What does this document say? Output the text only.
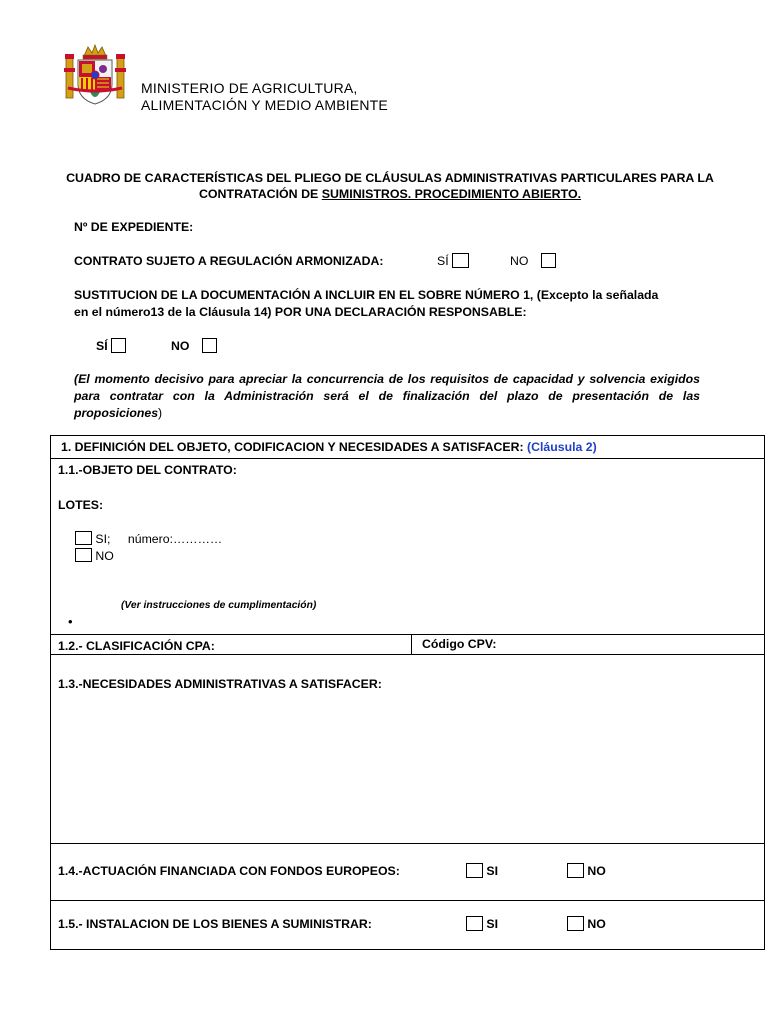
MINISTERIO DE AGRICULTURA,
ALIMENTACIÓN Y MEDIO AMBIENTE
CUADRO DE CARACTERÍSTICAS DEL PLIEGO DE CLÁUSULAS ADMINISTRATIVAS PARTICULARES PARA LA
CONTRATACIÓN DE SUMINISTROS. PROCEDIMIENTO ABIERTO.
Nº DE EXPEDIENTE:
CONTRATO SUJETO A REGULACIÓN ARMONIZADA:	SÍ	NO
SUSTITUCION DE LA DOCUMENTACIÓN A INCLUIR EN EL SOBRE NÚMERO 1, (Excepto la señalada
en el número13 de la Cláusula 14) POR UNA DECLARACIÓN RESPONSABLE:
SÍ	NO
(El momento decisivo para apreciar la concurrencia de los requisitos de capacidad y solvencia exigidos para contratar con la Administración será el de finalización del plazo de presentación de las proposiciones)
1. DEFINICIÓN DEL OBJETO, CODIFICACION Y NECESIDADES A SATISFACER: (Cláusula 2)
1.1.-OBJETO DEL CONTRATO:
LOTES:
SI; número:…………
NO
(Ver instrucciones de cumplimentación)
•
1.2.- CLASIFICACIÓN CPA:	Código CPV:
1.3.-NECESIDADES ADMINISTRATIVAS A SATISFACER:
1.4.-ACTUACIÓN FINANCIADA CON FONDOS EUROPEOS:	SI	NO
1.5.- INSTALACION DE LOS BIENES A SUMINISTRAR:	SI	NO
